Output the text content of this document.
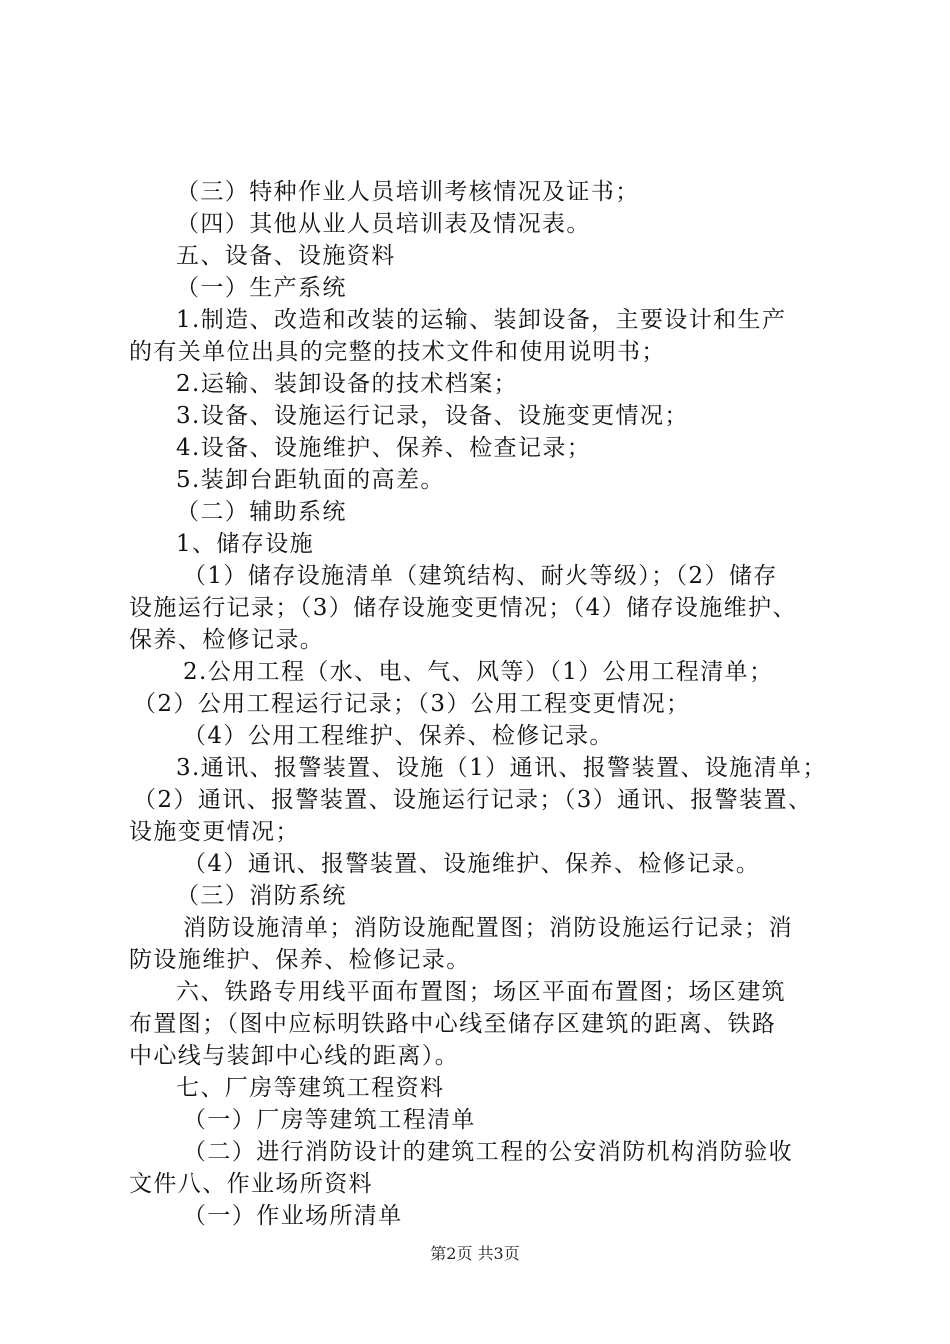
（三）特种作业人员培训考核情况及证书；
（四）其他从业人员培训表及情况表。
五、设备、设施资料
（一）生产系统
1.制造、改造和改装的运输、装卸设备，主要设计和生产
的有关单位出具的完整的技术文件和使用说明书；
2.运输、装卸设备的技术档案；
3.设备、设施运行记录，设备、设施变更情况；
4.设备、设施维护、保养、检查记录；
5.装卸台距轨面的高差。
（二）辅助系统
1、储存设施
（1）储存设施清单（建筑结构、耐火等级）；（2）储存
设施运行记录；（3）储存设施变更情况；（4）储存设施维护、
保养、检修记录。
2.公用工程（水、电、气、风等）（1）公用工程清单；
（2）公用工程运行记录；（3）公用工程变更情况；
（4）公用工程维护、保养、检修记录。
3.通讯、报警装置、设施（1）通讯、报警装置、设施清单；
（2）通讯、报警装置、设施运行记录；（3）通讯、报警装置、
设施变更情况；
（4）通讯、报警装置、设施维护、保养、检修记录。
（三）消防系统
消防设施清单；消防设施配置图；消防设施运行记录；消
防设施维护、保养、检修记录。
六、铁路专用线平面布置图；场区平面布置图；场区建筑
布置图；（图中应标明铁路中心线至储存区建筑的距离、铁路
中心线与装卸中心线的距离）。
七、厂房等建筑工程资料
（一）厂房等建筑工程清单
（二）进行消防设计的建筑工程的公安消防机构消防验收
文件八、作业场所资料
（一）作业场所清单
第2页 共3页
